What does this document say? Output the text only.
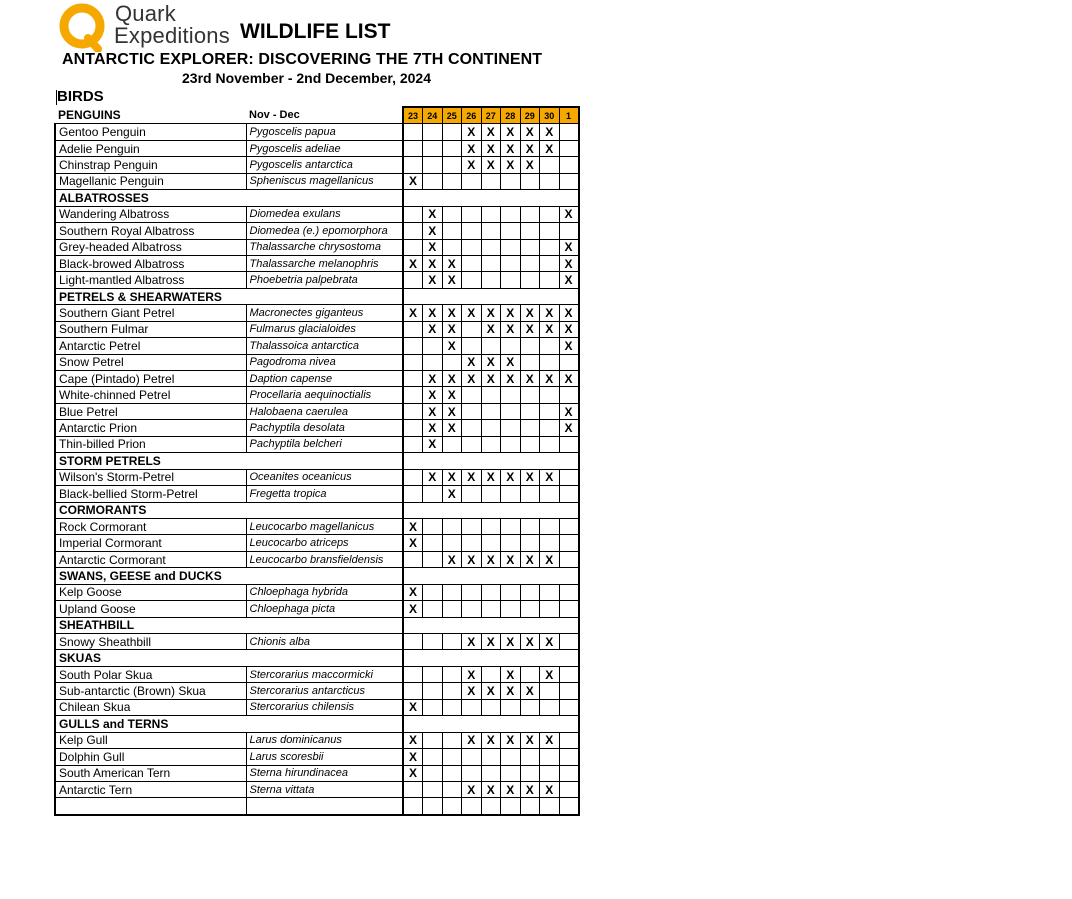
Quark
Expeditions WILDLIFE LIST
ANTARCTIC EXPLORER: DISCOVERING THE 7TH CONTINENT
23rd November - 2nd December, 2024
BIRDS
PENGUINS	Nov - Dec	23	24	25	26	27	28	29	30	1
Gentoo Penguin	Pygoscelis papua				X	X	X	X	X	
Adelie Penguin	Pygoscelis adeliae				X	X	X	X	X	
Chinstrap Penguin	Pygoscelis antarctica				X	X	X	X		
Magellanic Penguin	Spheniscus magellanicus	X								
ALBATROSSES										
Wandering Albatross	Diomedea exulans		X							X
Southern Royal Albatross	Diomedea (e.) epomorphora		X							
Grey-headed Albatross	Thalassarche chrysostoma		X							X
Black-browed Albatross	Thalassarche melanophris	X	X	X						X
Light-mantled Albatross	Phoebetria palpebrata		X	X						X
PETRELS & SHEARWATERS										
Southern Giant Petrel	Macronectes giganteus	X	X	X	X	X	X	X	X	X
Southern Fulmar	Fulmarus glacialoides		X	X		X	X	X	X	X
Antarctic Petrel	Thalassoica antarctica			X						X
Snow Petrel	Pagodroma nivea				X	X	X			
Cape (Pintado) Petrel	Daption capense		X	X	X	X	X	X	X	X
White-chinned Petrel	Procellaria aequinoctialis		X	X						
Blue Petrel	Halobaena caerulea		X	X						X
Antarctic Prion	Pachyptila desolata		X	X						X
Thin-billed Prion	Pachyptila belcheri		X							
STORM PETRELS										
Wilson's Storm-Petrel	Oceanites oceanicus		X	X	X	X	X	X	X	
Black-bellied Storm-Petrel	Fregetta tropica			X						
CORMORANTS										
Rock Cormorant	Leucocarbo magellanicus	X								
Imperial Cormorant	Leucocarbo atriceps	X								
Antarctic Cormorant	Leucocarbo bransfieldensis			X	X	X	X	X	X	
SWANS, GEESE and DUCKS										
Kelp Goose	Chloephaga hybrida	X								
Upland Goose	Chloephaga picta	X								
SHEATHBILL										
Snowy Sheathbill	Chionis alba				X	X	X	X	X	
SKUAS										
South Polar Skua	Stercorarius maccormicki				X		X		X	
Sub-antarctic (Brown) Skua	Stercorarius antarcticus				X	X	X	X		
Chilean Skua	Stercorarius chilensis	X								
GULLS and TERNS										
Kelp Gull	Larus dominicanus	X			X	X	X	X	X	
Dolphin Gull	Larus scoresbii	X								
South American Tern	Sterna hirundinacea	X								
Antarctic Tern	Sterna vittata				X	X	X	X	X	
